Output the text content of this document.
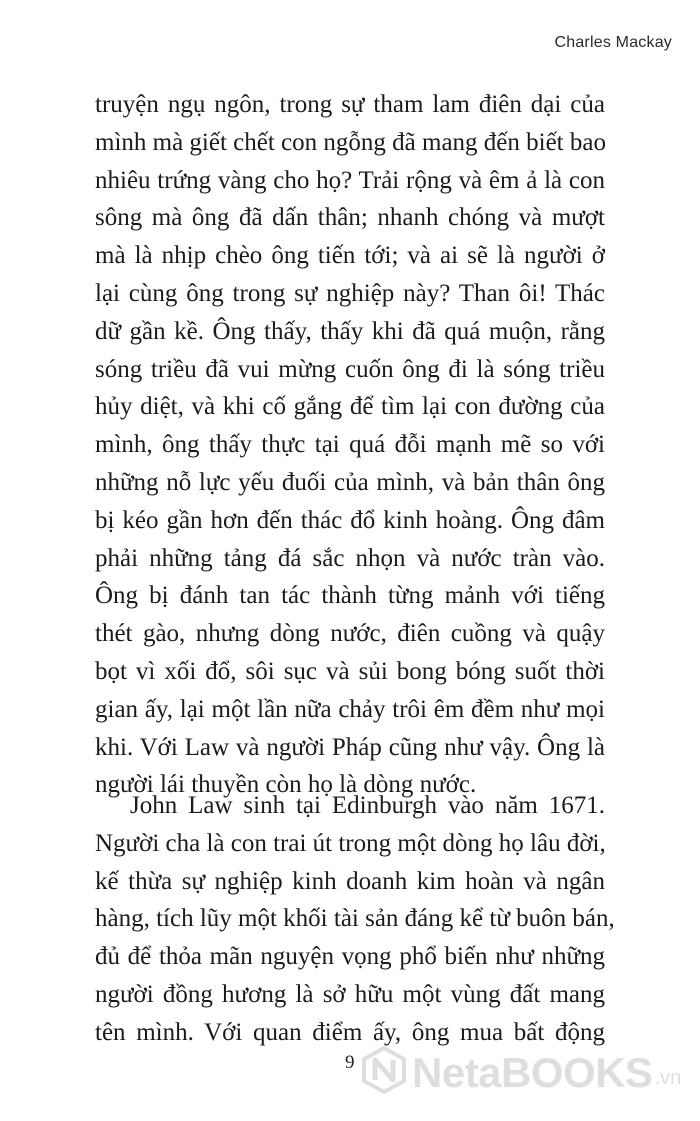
Charles Mackay
truyện ngụ ngôn, trong sự tham lam điên dại của
mình mà giết chết con ngỗng đã mang đến biết bao
nhiêu trứng vàng cho họ? Trải rộng và êm ả là con
sông mà ông đã dấn thân; nhanh chóng và mượt
mà là nhịp chèo ông tiến tới; và ai sẽ là người ở
lại cùng ông trong sự nghiệp này? Than ôi! Thác
dữ gần kề. Ông thấy, thấy khi đã quá muộn, rằng
sóng triều đã vui mừng cuốn ông đi là sóng triều
hủy diệt, và khi cố gắng để tìm lại con đường của
mình, ông thấy thực tại quá đỗi mạnh mẽ so với
những nỗ lực yếu đuối của mình, và bản thân ông
bị kéo gần hơn đến thác đổ kinh hoàng. Ông đâm
phải những tảng đá sắc nhọn và nước tràn vào.
Ông bị đánh tan tác thành từng mảnh với tiếng
thét gào, nhưng dòng nước, điên cuồng và quậy
bọt vì xối đổ, sôi sục và sủi bong bóng suốt thời
gian ấy, lại một lần nữa chảy trôi êm đềm như mọi
khi. Với Law và người Pháp cũng như vậy. Ông là
người lái thuyền còn họ là dòng nước.
John Law sinh tại Edinburgh vào năm 1671.
Người cha là con trai út trong một dòng họ lâu đời,
kế thừa sự nghiệp kinh doanh kim hoàn và ngân
hàng, tích lũy một khối tài sản đáng kể từ buôn bán,
đủ để thỏa mãn nguyện vọng phổ biến như những
người đồng hương là sở hữu một vùng đất mang
tên mình. Với quan điểm ấy, ông mua bất động
9 NetaBOOKS .vn
